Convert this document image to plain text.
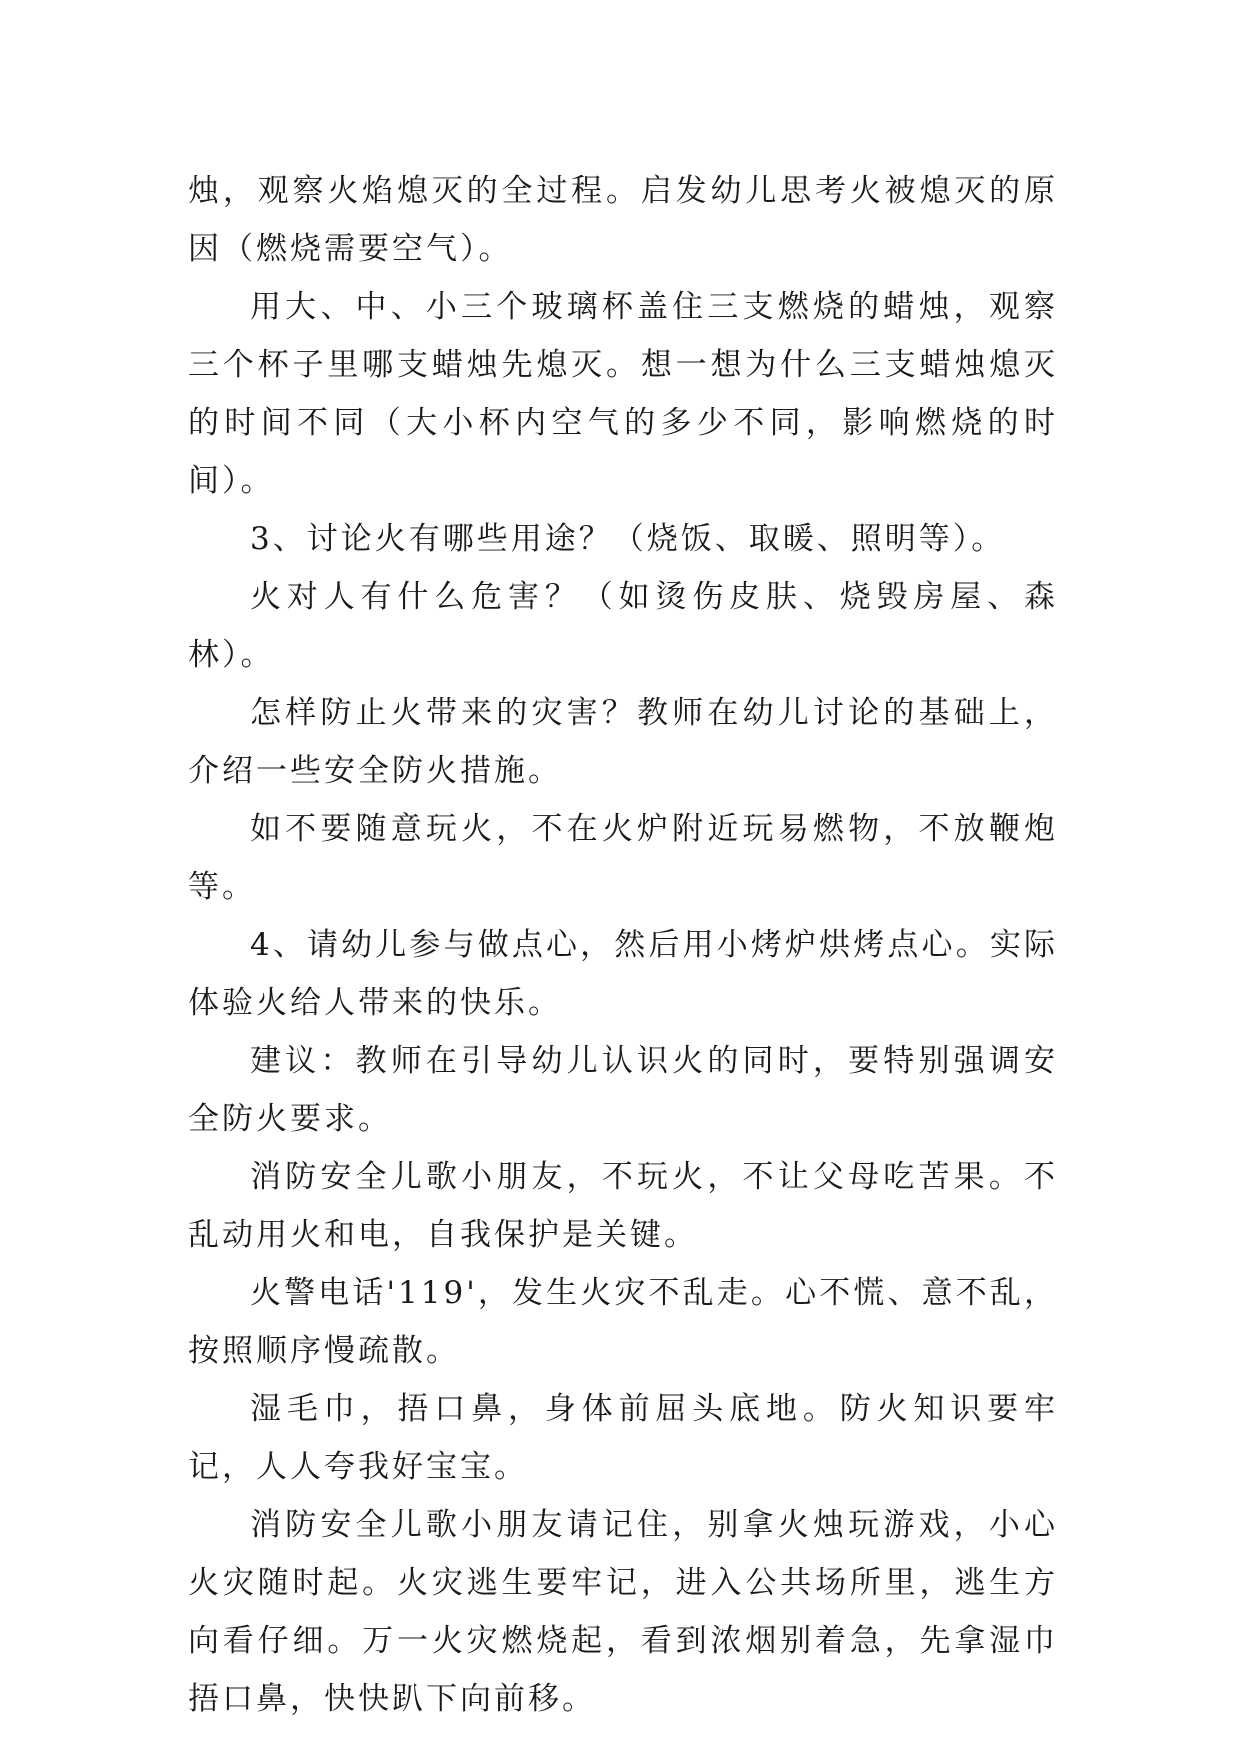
烛，观察火焰熄灭的全过程。启发幼儿思考火被熄灭的原因（燃烧需要空气）。

用大、中、小三个玻璃杯盖住三支燃烧的蜡烛，观察三个杯子里哪支蜡烛先熄灭。想一想为什么三支蜡烛熄灭的时间不同（大小杯内空气的多少不同，影响燃烧的时间）。

3、讨论火有哪些用途？（烧饭、取暖、照明等）。

火对人有什么危害？（如烫伤皮肤、烧毁房屋、森林）。

怎样防止火带来的灾害？教师在幼儿讨论的基础上，介绍一些安全防火措施。

如不要随意玩火，不在火炉附近玩易燃物，不放鞭炮等。

4、请幼儿参与做点心，然后用小烤炉烘烤点心。实际体验火给人带来的快乐。

建议：教师在引导幼儿认识火的同时，要特别强调安全防火要求。

消防安全儿歌小朋友，不玩火，不让父母吃苦果。不乱动用火和电，自我保护是关键。

火警电话'119'，发生火灾不乱走。心不慌、意不乱，按照顺序慢疏散。

湿毛巾，捂口鼻，身体前屈头底地。防火知识要牢记，人人夸我好宝宝。

消防安全儿歌小朋友请记住，别拿火烛玩游戏，小心火灾随时起。火灾逃生要牢记，进入公共场所里，逃生方向看仔细。万一火灾燃烧起，看到浓烟别着急，先拿湿巾捂口鼻，快快趴下向前移。
